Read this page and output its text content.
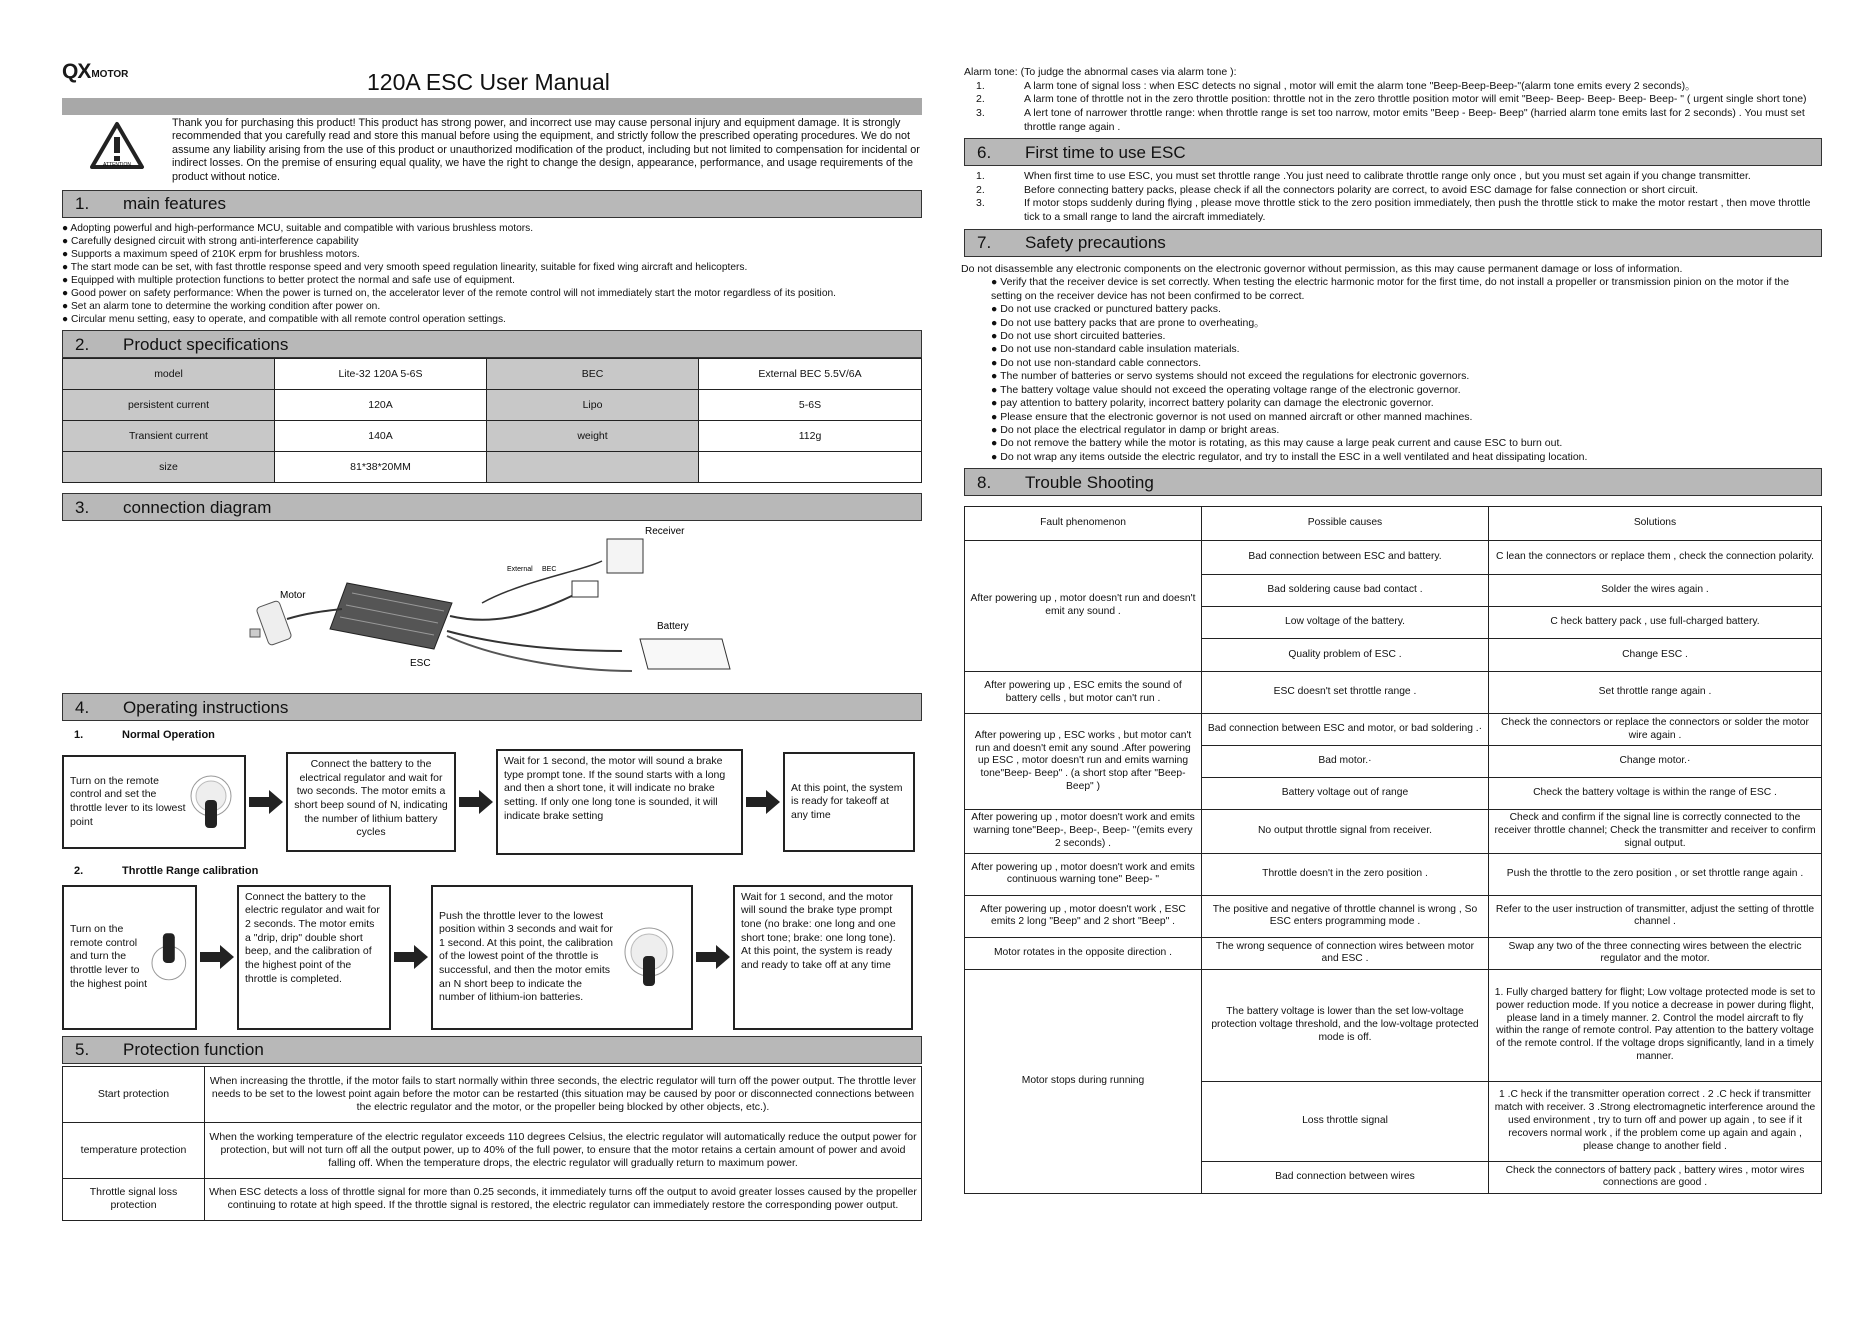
QX MOTOR	120A ESC User Manual
ATTENTION
Thank you for purchasing this product! This product has strong power, and incorrect use may cause personal injury and equipment damage. It is strongly recommended that you carefully read and store this manual before using the equipment, and strictly follow the prescribed operating procedures. We do not assume any liability arising from the use of this product or unauthorized modification of the product, including but not limited to compensation for incidental or indirect losses. On the premise of ensuring equal quality, we have the right to change the design, appearance, performance, and usage requirements of the product without notice.
1.	main features
● Adopting powerful and high-performance MCU, suitable and compatible with various brushless motors.
● Carefully designed circuit with strong anti-interference capability
● Supports a maximum speed of 210K erpm for brushless motors.
● The start mode can be set, with fast throttle response speed and very smooth speed regulation linearity, suitable for fixed wing aircraft and helicopters.
● Equipped with multiple protection functions to better protect the normal and safe use of equipment.
● Good power on safety performance: When the power is turned on, the accelerator lever of the remote control will not immediately start the motor regardless of its position.
● Set an alarm tone to determine the working condition after power on.
● Circular menu setting, easy to operate, and compatible with all remote control operation settings.
2.	Product specifications
model	Lite-32 120A 5-6S	BEC	External BEC 5.5V/6A
persistent current	120A	Lipo	5-6S
Transient current	140A	weight	112g
size	81*38*20MM		
3.	connection diagram
Motor
ESC
External BEC
Receiver
Battery
4.	Operating instructions
1.	Normal Operation
Turn on the remote control and set the throttle lever to its lowest point
Connect the battery to the electrical regulator and wait for two seconds. The motor emits a short beep sound of N, indicating the number of lithium battery cycles
Wait for 1 second, the motor will sound a brake type prompt tone. If the sound starts with a long and then a short tone, it will indicate no brake setting. If only one long tone is sounded, it will indicate brake setting
At this point, the system is ready for takeoff at any time
2.	Throttle Range calibration
Turn on the remote control and turn the throttle lever to the highest point
Connect the battery to the electric regulator and wait for 2 seconds. The motor emits a "drip, drip" double short beep, and the calibration of the highest point of the throttle is completed.
Push the throttle lever to the lowest position within 3 seconds and wait for 1 second. At this point, the calibration of the lowest point of the throttle is successful, and then the motor emits an N short beep to indicate the number of lithium-ion batteries.
Wait for 1 second, and the motor will sound the brake type prompt tone (no brake: one long and one short tone; brake: one long tone). At this point, the system is ready and ready to take off at any time
5.	Protection function
Start protection	When increasing the throttle, if the motor fails to start normally within three seconds, the electric regulator will turn off the power output. The throttle lever needs to be set to the lowest point again before the motor can be restarted (this situation may be caused by poor or disconnected connections between the electric regulator and the motor, or the propeller being blocked by other objects, etc.).
temperature protection	When the working temperature of the electric regulator exceeds 110 degrees Celsius, the electric regulator will automatically reduce the output power for protection, but will not turn off all the output power, up to 40% of the full power, to ensure that the motor retains a certain amount of power and avoid falling off. When the temperature drops, the electric regulator will gradually return to maximum power.
Throttle signal loss protection	When ESC detects a loss of throttle signal for more than 0.25 seconds, it immediately turns off the output to avoid greater losses caused by the propeller continuing to rotate at high speed. If the throttle signal is restored, the electric regulator can immediately restore the corresponding power output.
Alarm tone: (To judge the abnormal cases via alarm tone ):
1.	A larm tone of signal loss : when ESC detects no signal , motor will emit the alarm tone "Beep-Beep-Beep-"(alarm tone emits every 2 seconds)。
2.	A larm tone of throttle not in the zero throttle position: throttle not in the zero throttle position motor will emit "Beep- Beep- Beep- Beep- Beep- " ( urgent single short tone)
3.	A lert tone of narrower throttle range: when throttle range is set too narrow, motor emits "Beep - Beep- Beep" (harried alarm tone emits last for 2 seconds) . You must set throttle range again .
6.	First time to use ESC
1.	When first time to use ESC, you must set throttle range .You just need to calibrate throttle range only once , but you must set again if you change transmitter.
2.	Before connecting battery packs, please check if all the connectors polarity are correct, to avoid ESC damage for false connection or short circuit.
3.	If motor stops suddenly during flying , please move throttle stick to the zero position immediately, then push the throttle stick to make the motor restart , then move throttle tick to a small range to land the aircraft immediately.
7.	Safety precautions
Do not disassemble any electronic components on the electronic governor without permission, as this may cause permanent damage or loss of information.
● Verify that the receiver device is set correctly. When testing the electric harmonic motor for the first time, do not install a propeller or transmission pinion on the motor if the setting on the receiver device has not been confirmed to be correct.
● Do not use cracked or punctured battery packs.
● Do not use battery packs that are prone to overheating。
● Do not use short circuited batteries.
● Do not use non-standard cable insulation materials.
● Do not use non-standard cable connectors.
● The number of batteries or servo systems should not exceed the regulations for electronic governors.
● The battery voltage value should not exceed the operating voltage range of the electronic governor.
● pay attention to battery polarity, incorrect battery polarity can damage the electronic governor.
● Please ensure that the electronic governor is not used on manned aircraft or other manned machines.
● Do not place the electrical regulator in damp or bright areas.
● Do not remove the battery while the motor is rotating, as this may cause a large peak current and cause ESC to burn out.
● Do not wrap any items outside the electric regulator, and try to install the ESC in a well ventilated and heat dissipating location.
8.	Trouble Shooting
Fault phenomenon	Possible causes	Solutions
After powering up , motor doesn't run and doesn't emit any sound .	Bad connection between ESC and battery.	C lean the connectors or replace them , check the connection polarity.
	Bad soldering cause bad contact .	Solder the wires again .
	Low voltage of the battery.	C heck battery pack , use full-charged battery.
	Quality problem of ESC .	Change ESC .
After powering up , ESC emits the sound of battery cells , but motor can't run .	ESC doesn't set throttle range .	Set throttle range again .
After powering up , ESC works , but motor can't run and doesn't emit any sound .After powering up ESC , motor doesn't run and emits warning tone"Beep- Beep" . (a short stop after "Beep- Beep" )	Bad connection between ESC and motor, or bad soldering .·	Check the connectors or replace the connectors or solder the motor wire again .
	Bad motor.·	Change motor.·
	Battery voltage out of range	Check the battery voltage is within the range of ESC .
After powering up , motor doesn't work and emits warning tone"Beep-, Beep-, Beep- "(emits every 2 seconds) .	No output throttle signal from receiver.	Check and confirm if the signal line is correctly connected to the receiver throttle channel; Check the transmitter and receiver to confirm signal output.
After powering up , motor doesn't work and emits continuous warning tone" Beep- "	Throttle doesn't in the zero position .	Push the throttle to the zero position , or set throttle range again .
After powering up , motor doesn't work , ESC emits 2 long "Beep" and 2 short "Beep" .	The positive and negative of throttle channel is wrong , So ESC enters programming mode .	Refer to the user instruction of transmitter, adjust the setting of throttle channel .
Motor rotates in the opposite direction .	The wrong sequence of connection wires between motor and ESC .	Swap any two of the three connecting wires between the electric regulator and the motor.
Motor stops during running	The battery voltage is lower than the set low-voltage protection voltage threshold, and the low-voltage protected mode is off.	1. Fully charged battery for flight; Low voltage protected mode is set to power reduction mode. If you notice a decrease in power during flight, please land in a timely manner. 2. Control the model aircraft to fly within the range of remote control. Pay attention to the battery voltage of the remote control. If the voltage drops significantly, land in a timely manner.
	Loss throttle signal	1 .C heck if the transmitter operation correct . 2 .C heck if transmitter match with receiver. 3 .Strong electromagnetic interference around the used environment , try to turn off and power up again , to see if it recovers normal work , if the problem come up again and again , please change to another field .
	Bad connection between wires	Check the connectors of battery pack , battery wires , motor wires connections are good .
